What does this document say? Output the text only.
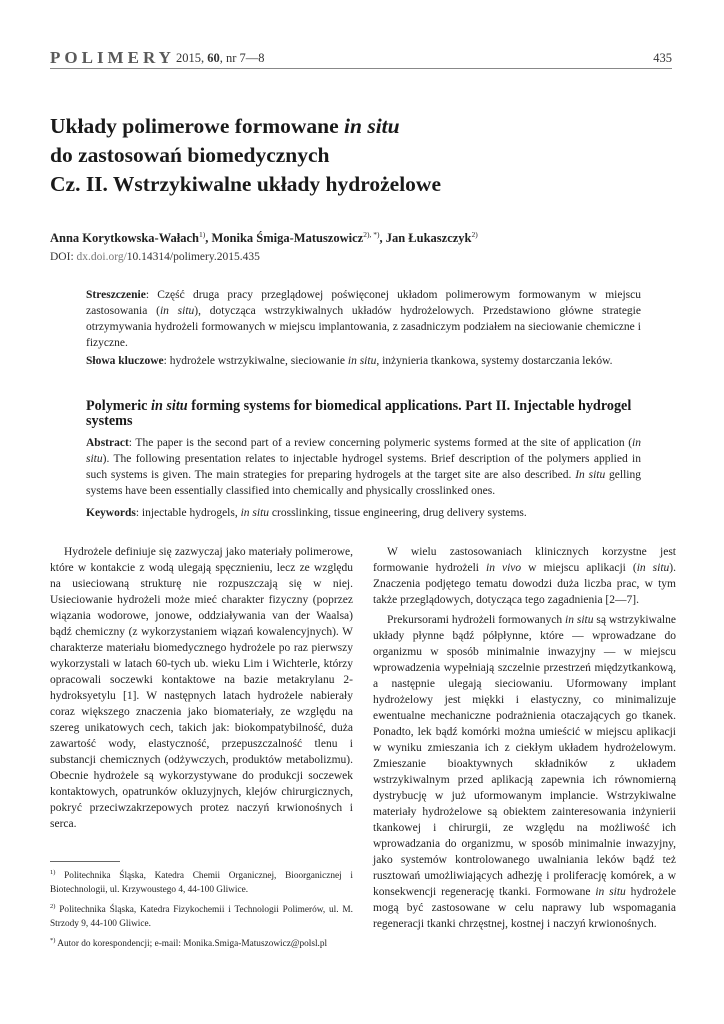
POLIMERY 2015, 60, nr 7—8	435
Układy polimerowe formowane in situ
do zastosowań biomedycznych
Cz. II. Wstrzykiwalne układy hydrożelowe
Anna Korytkowska-Wałach$^{1)}$, Monika Śmiga-Matuszowicz$^{2), *)}$, Jan Łukaszczyk$^{2)}$
DOI: dx.doi.org/10.14314/polimery.2015.435

Streszczenie: Część druga pracy przeglądowej poświęconej układom polimerowym formowanym w miejscu zastosowania (in situ), dotycząca wstrzykiwalnych układów hydrożelowych. Przedstawiono główne strategie otrzymywania hydrożeli formowanych w miejscu implantowania, z zasadniczym podziałem na sieciowanie chemiczne i fizyczne.

Słowa kluczowe: hydrożele wstrzykiwalne, sieciowanie in situ, inżynieria tkankowa, systemy dostarczania leków.

Polymeric in situ forming systems for biomedical applications. Part II. Injectable hydrogel systems

Abstract: The paper is the second part of a review concerning polymeric systems formed at the site of application (in situ). The following presentation relates to injectable hydrogel systems. Brief description of the polymers applied in such systems is given. The main strategies for preparing hydrogels at the target site are also described. In situ gelling systems have been essentially classified into chemically and physically crosslinked ones.

Keywords: injectable hydrogels, in situ crosslinking, tissue engineering, drug delivery systems.

Hydrożele definiuje się zazwyczaj jako materiały polimerowe, które w kontakcie z wodą ulegają spęcznieniu, lecz ze względu na usieciowaną strukturę nie rozpuszczają się w niej. Usieciowanie hydrożeli może mieć charakter fizyczny (poprzez wiązania wodorowe, jonowe, oddziaływania van der Waalsa) bądź chemiczny (z wykorzystaniem wiązań kowalencyjnych). W charakterze materiału biomedycznego hydrożele po raz pierwszy wykorzystali w latach 60-tych ub. wieku Lim i Wichterle, którzy opracowali soczewki kontaktowe na bazie metakrylanu 2-hydroksyetylu [1]. W następnych latach hydrożele nabierały coraz większego znaczenia jako biomateriały, ze względu na szereg unikatowych cech, takich jak: biokompatybilność, duża zawartość wody, elastyczność, przepuszczalność tlenu i substancji chemicznych (odżywczych, produktów metabolizmu). Obecnie hydrożele są wykorzystywane do produkcji soczewek kontaktowych, opatrunków okluzyjnych, klejów chirurgicznych, pokryć przeciwzakrzepowych protez naczyń krwionośnych i serca.

W wielu zastosowaniach klinicznych korzystne jest formowanie hydrożeli in vivo w miejscu aplikacji (in situ). Znaczenia podjętego tematu dowodzi duża liczba prac, w tym także przeglądowych, dotycząca tego zagadnienia [2—7].

Prekursorami hydrożeli formowanych in situ są wstrzykiwalne układy płynne bądź półpłynne, które — wprowadzane do organizmu w sposób minimalnie inwazyjny — w miejscu wprowadzenia wypełniają szczelnie przestrzeń międzytkankową, a następnie ulegają sieciowaniu. Uformowany implant hydrożelowy jest miękki i elastyczny, co minimalizuje ewentualne mechaniczne podrażnienia otaczających go tkanek. Ponadto, lek bądź komórki można umieścić w miejscu aplikacji w wyniku zmieszania ich z ciekłym układem hydrożelowym. Zmieszanie bioaktywnych składników z układem wstrzykiwalnym przed aplikacją zapewnia ich równomierną dystrybucję w już uformowanym implancie. Wstrzykiwalne materiały hydrożelowe są obiektem zainteresowania inżynierii tkankowej i chirurgii, ze względu na możliwość ich wprowadzania do organizmu, w sposób minimalnie inwazyjny, jako systemów kontrolowanego uwalniania leków bądź też rusztowań umożliwiających adhezję i proliferację komórek, a w konsekwencji regenerację tkanki. Formowane in situ hydrożele mogą być zastosowane w celu naprawy lub wspomagania regeneracji tkanki chrzęstnej, kostnej i naczyń krwionośnych.

$^{1)}$ Politechnika Śląska, Katedra Chemii Organicznej, Bioorganicznej i Biotechnologii, ul. Krzywoustego 4, 44-100 Gliwice.

$^{2)}$ Politechnika Śląska, Katedra Fizykochemii i Technologii Polimerów, ul. M. Strzody 9, 44-100 Gliwice.

*) Autor do korespondencji; e-mail: Monika.Smiga-Matuszowicz@polsl.pl
